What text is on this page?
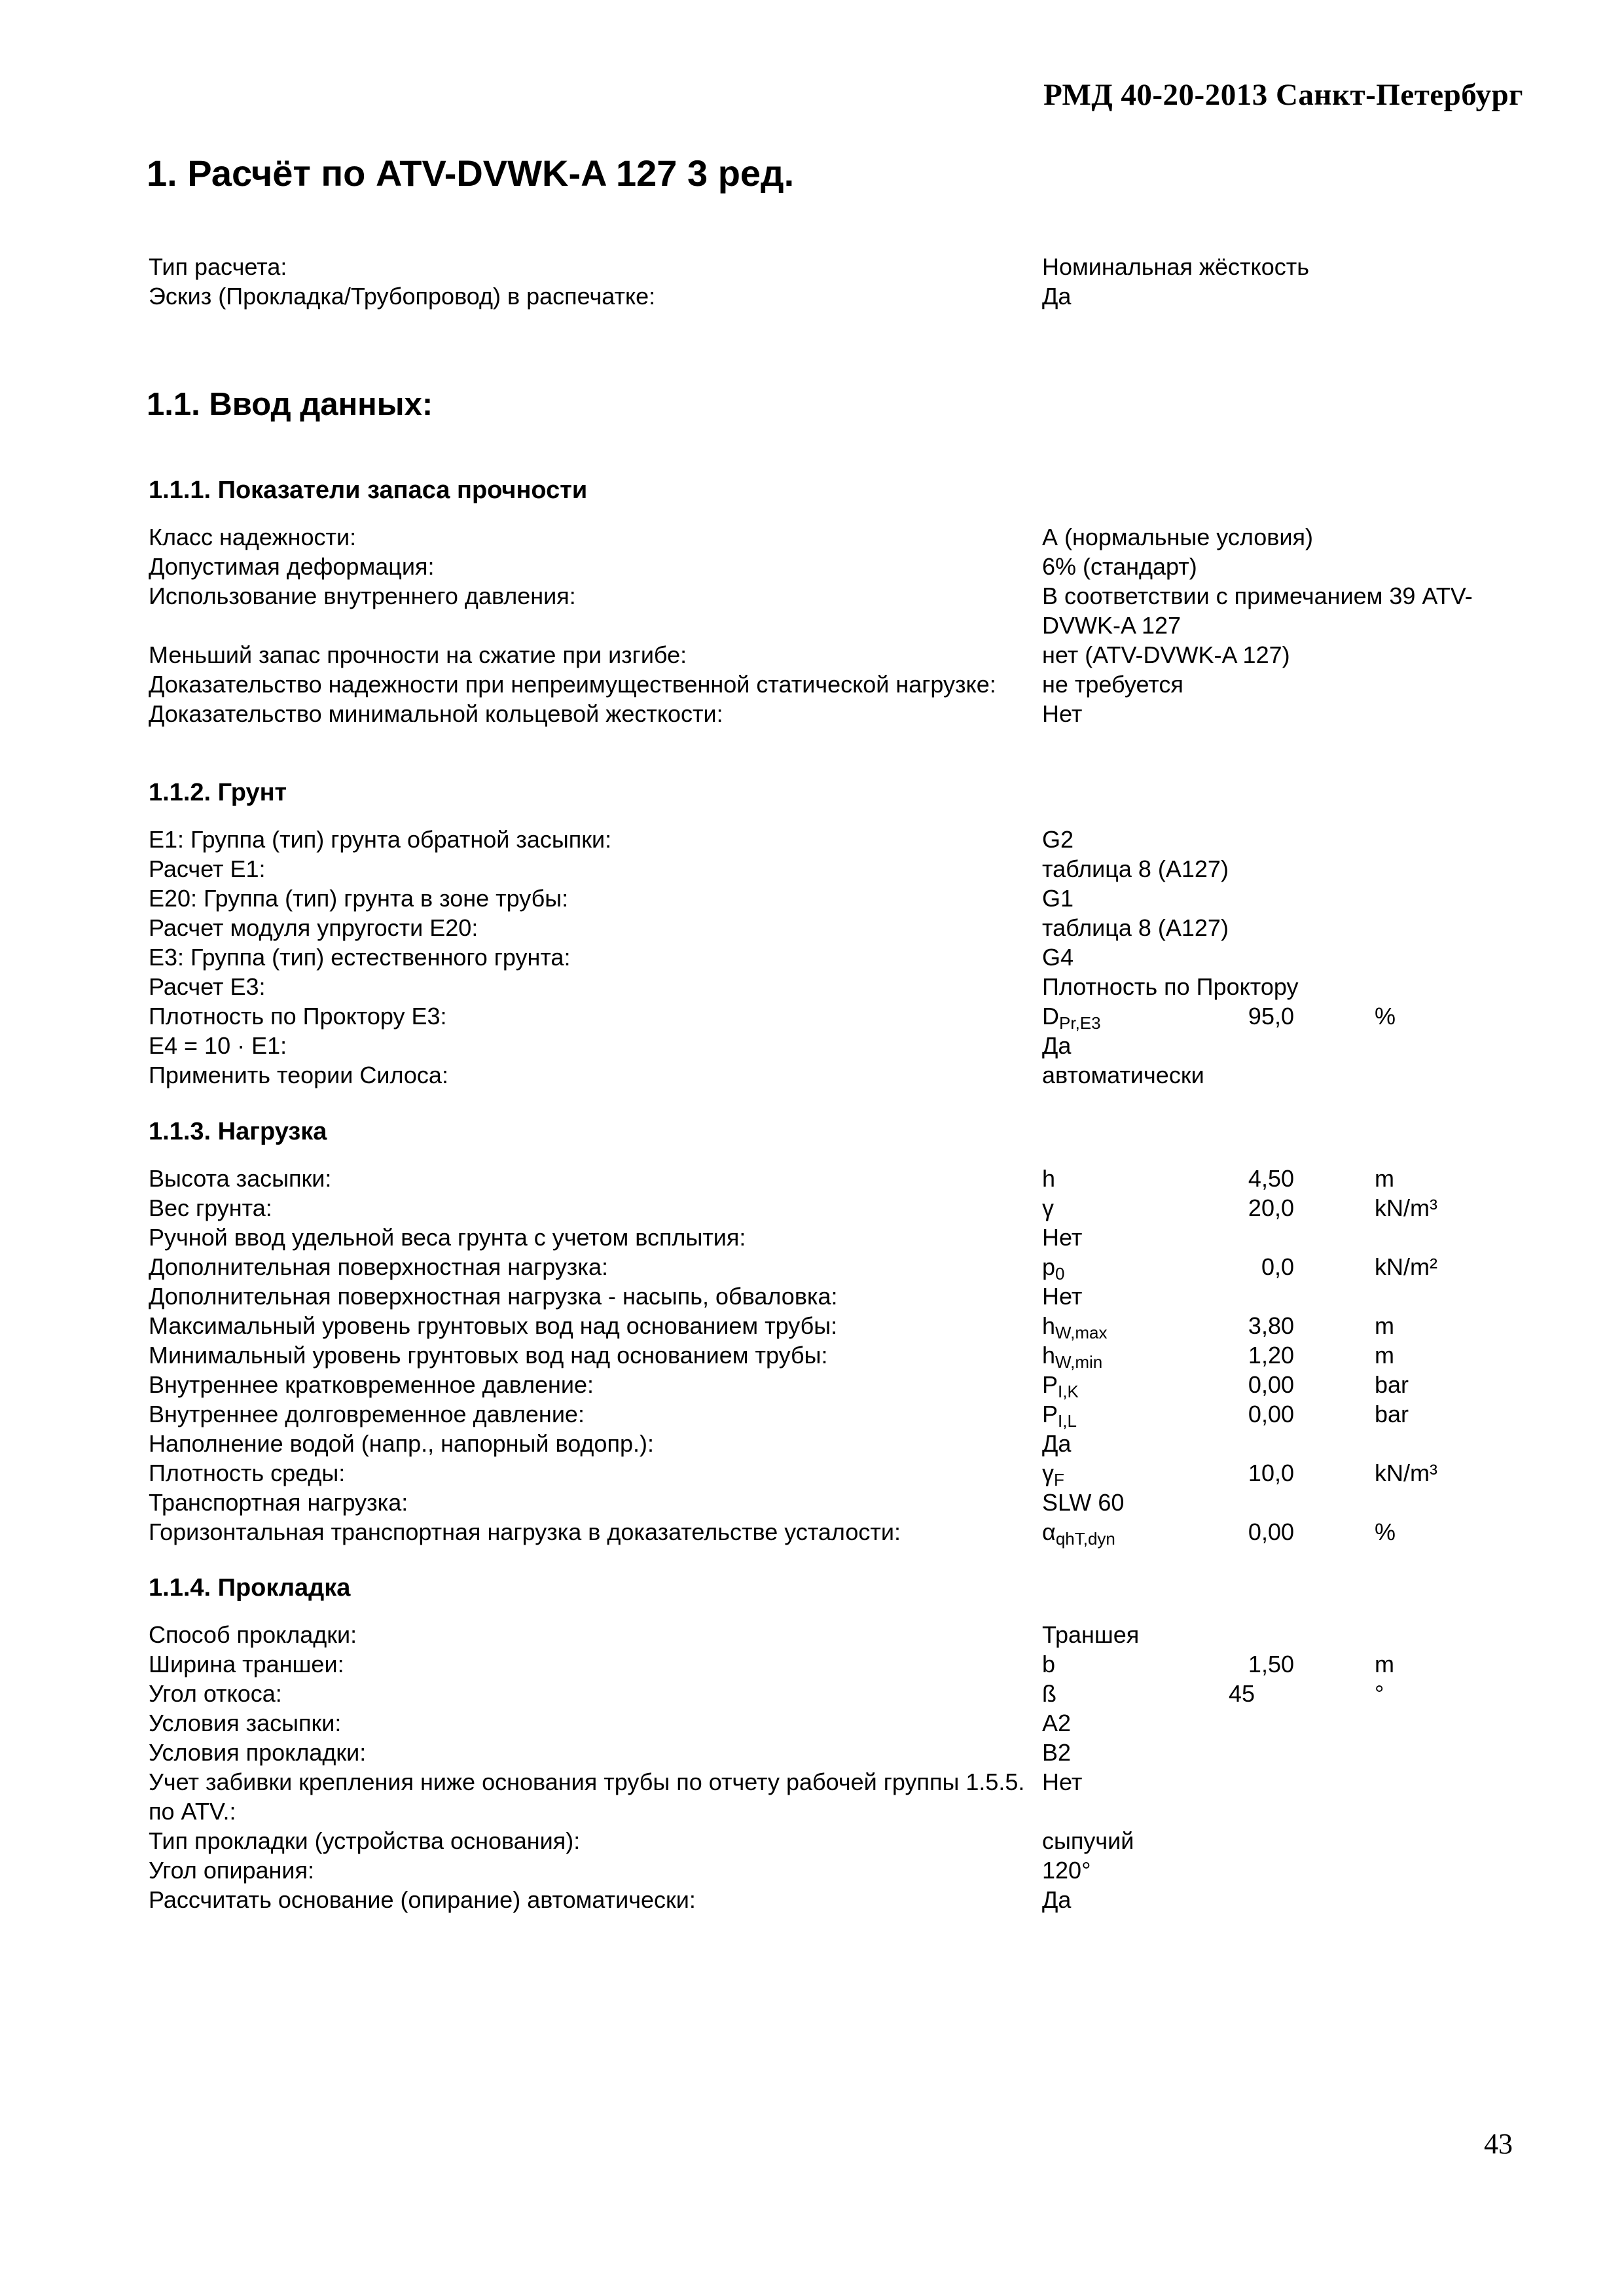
РМД 40-20-2013 Санкт-Петербург
1. Расчёт по ATV-DVWK-A 127 3 ред.
Тип расчета:	Номинальная жёсткость
Эскиз (Прокладка/Трубопровод) в распечатке:	Да
1.1. Ввод данных:
1.1.1. Показатели запаса прочности
Класс надежности:	А (нормальные условия)
Допустимая деформация:	6% (стандарт)
Использование внутреннего давления:	В соответствии с примечанием 39 ATV-DVWK-A 127
Меньший запас прочности на сжатие при изгибе:	нет (ATV-DVWK-A 127)
Доказательство надежности при непреимущественной статической нагрузке:	не требуется
Доказательство минимальной кольцевой жесткости:	Нет
1.1.2. Грунт
Е1: Группа (тип) грунта обратной засыпки:	G2
Расчет Е1:	таблица 8 (А127)
Е20: Группа (тип) грунта в зоне трубы:	G1
Расчет модуля упругости Е20:	таблица 8 (А127)
Е3: Группа (тип) естественного грунта:	G4
Расчет Е3:	Плотность по Проктору
Плотность по Проктору Е3:	$D_{Pr,E3}$	95,0	%
Е4 = 10 · Е1:	Да
Применить теории Силоса:	автоматически
1.1.3. Нагрузка
Высота засыпки:	h	4,50	m
Вес грунта:	γ	20,0	kN/m³
Ручной ввод удельной веса грунта с учетом всплытия:	Нет
Дополнительная поверхностная нагрузка:	$p_0$	0,0	kN/m²
Дополнительная поверхностная нагрузка - насыпь, обваловка:	Нет
Максимальный уровень грунтовых вод над основанием трубы:	$h_{W,max}$	3,80	m
Минимальный уровень грунтовых вод над основанием трубы:	$h_{W,min}$	1,20	m
Внутреннее кратковременное давление:	$P_{I,K}$	0,00	bar
Внутреннее долговременное давление:	$P_{I,L}$	0,00	bar
Наполнение водой (напр., напорный водопр.):	Да
Плотность среды:	$\gamma_F$	10,0	kN/m³
Транспортная нагрузка:	SLW 60
Горизонтальная транспортная нагрузка в доказательстве усталости:	$\alpha_{qhT,dyn}$	0,00	%
1.1.4. Прокладка
Способ прокладки:	Траншея
Ширина траншеи:	b	1,50	m
Угол откоса:	ß	45	°
Условия засыпки:	A2
Условия прокладки:	B2
Учет забивки крепления ниже основания трубы по отчету рабочей группы 1.5.5. по ATV.:
Нет
Тип прокладки (устройства основания):	сыпучий
Угол опирания:	120°
Рассчитать основание (опирание) автоматически:	Да
43
